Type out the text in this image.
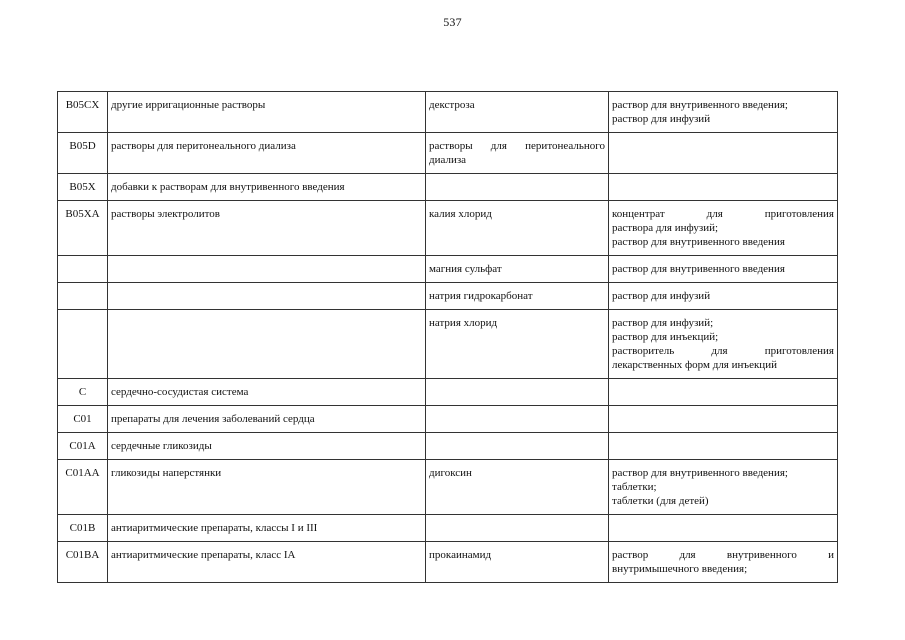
537
B05CX	другие ирригационные растворы	декстроза	раствор для внутривенного введения;
раствор для инфузий

B05D	растворы для перитонеального диализа	растворы для перитонеального диализа	
B05X	добавки к растворам для внутривенного введения		
B05XA	растворы электролитов	калия хлорид	концентрат для приготовления
раствора для инфузий;
раствор для внутривенного введения

		магния сульфат	раствор для внутривенного введения

		натрия гидрокарбонат	раствор для инфузий

		натрия хлорид	раствор для инфузий;
раствор для инъекций;
растворитель для приготовления
лекарственных форм для инъекций

C	сердечно-сосудистая система		
C01	препараты для лечения заболеваний сердца		
C01A	сердечные гликозиды		
C01AA	гликозиды наперстянки	дигоксин	раствор для внутривенного введения;
таблетки;
таблетки (для детей)

C01B	антиаритмические препараты, классы I и III		
C01BA	антиаритмические препараты, класс IA	прокаинамид	раствор для внутривенного и
внутримышечного введения;
